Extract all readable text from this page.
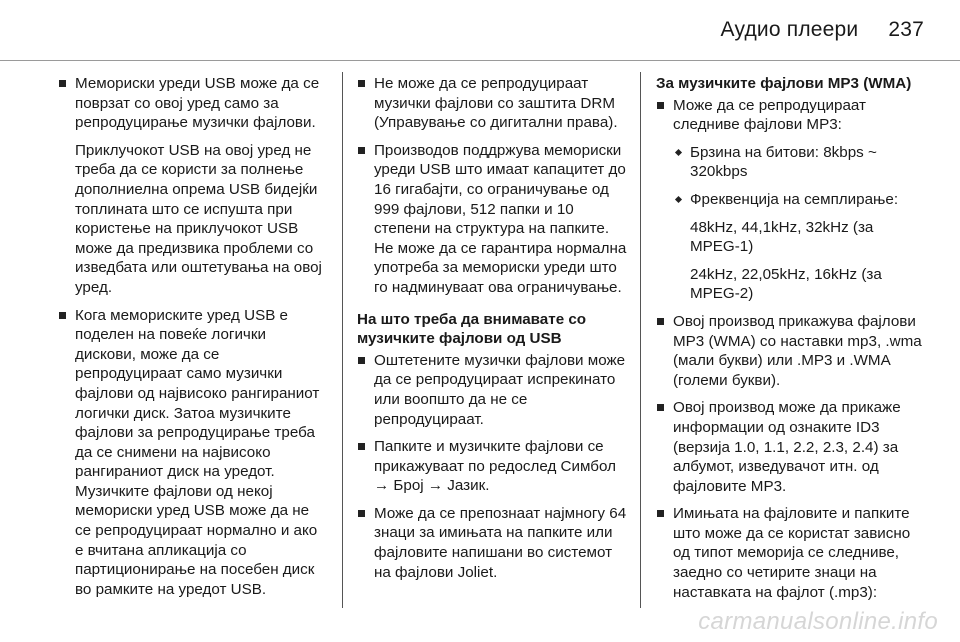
Аудио плеери 237
Мемориски уреди USB може да се поврзат со овој уред само за репродуцирање музички фајлови.
Приклучокот USB на овој уред не треба да се користи за полнење дополниелна опрема USB бидејќи топлината што се испушта при користење на приклучокот USB може да предизвика проблеми со изведбата или оштетувања на овој уред.
Кога мемориските уред USB е поделен на повеќе логички дискови, може да се репродуцираат само музички фајлови од највисоко рангираниот логички диск. Затоа музичките фајлови за репродуцирање треба да се снимени на највисоко рангираниот диск на уредот. Музичките фајлови од некој мемориски уред USB може да не се репродуцираат нормално и ако е вчитана апликација со партиционирање на посебен диск во рамките на уредот USB.
Не може да се репродуцираат музички фајлови со заштита DRM (Управување со дигитални права).
Производов поддржува мемориски уреди USB што имаат капацитет до 16 гигабајти, со ограничување од 999 фајлови, 512 папки и 10 степени на структура на папките. Не може да се гарантира нормална употреба за мемориски уреди што го надминуваат ова ограничување.
На што треба да внимавате со музичките фајлови од USB
Оштетените музички фајлови може да се репродуцираат испрекинато или воопшто да не се репродуцираат.
Папките и музичките фајлови се прикажуваат по редослед Симбол → Број → Јазик.
Може да се препознаат најмногу 64 знаци за имињата на папките или фајловите напишани во системот на фајлови Joliet.
За музичките фајлови MP3 (WMA)
Може да се репродуцираат следниве фајлови MP3:
Брзина на битови: 8kbps ~ 320kbps
Фреквенција на семплирање:
48kHz, 44,1kHz, 32kHz (за MPEG-1)
24kHz, 22,05kHz, 16kHz (за MPEG-2)
Овој производ прикажува фајлови MP3 (WMA) со наставки mp3, .wma (мали букви) или .MP3 и .WMA (големи букви).
Овој производ може да прикаже информации од ознаките ID3 (верзија 1.0, 1.1, 2.2, 2.3, 2.4) за албумот, изведувачот итн. од фајловите MP3.
Имињата на фајловите и папките што може да се користат зависно од типот меморија се следниве, заедно со четирите знаци на наставката на фајлот (.mp3):
carmanualsonline.info
